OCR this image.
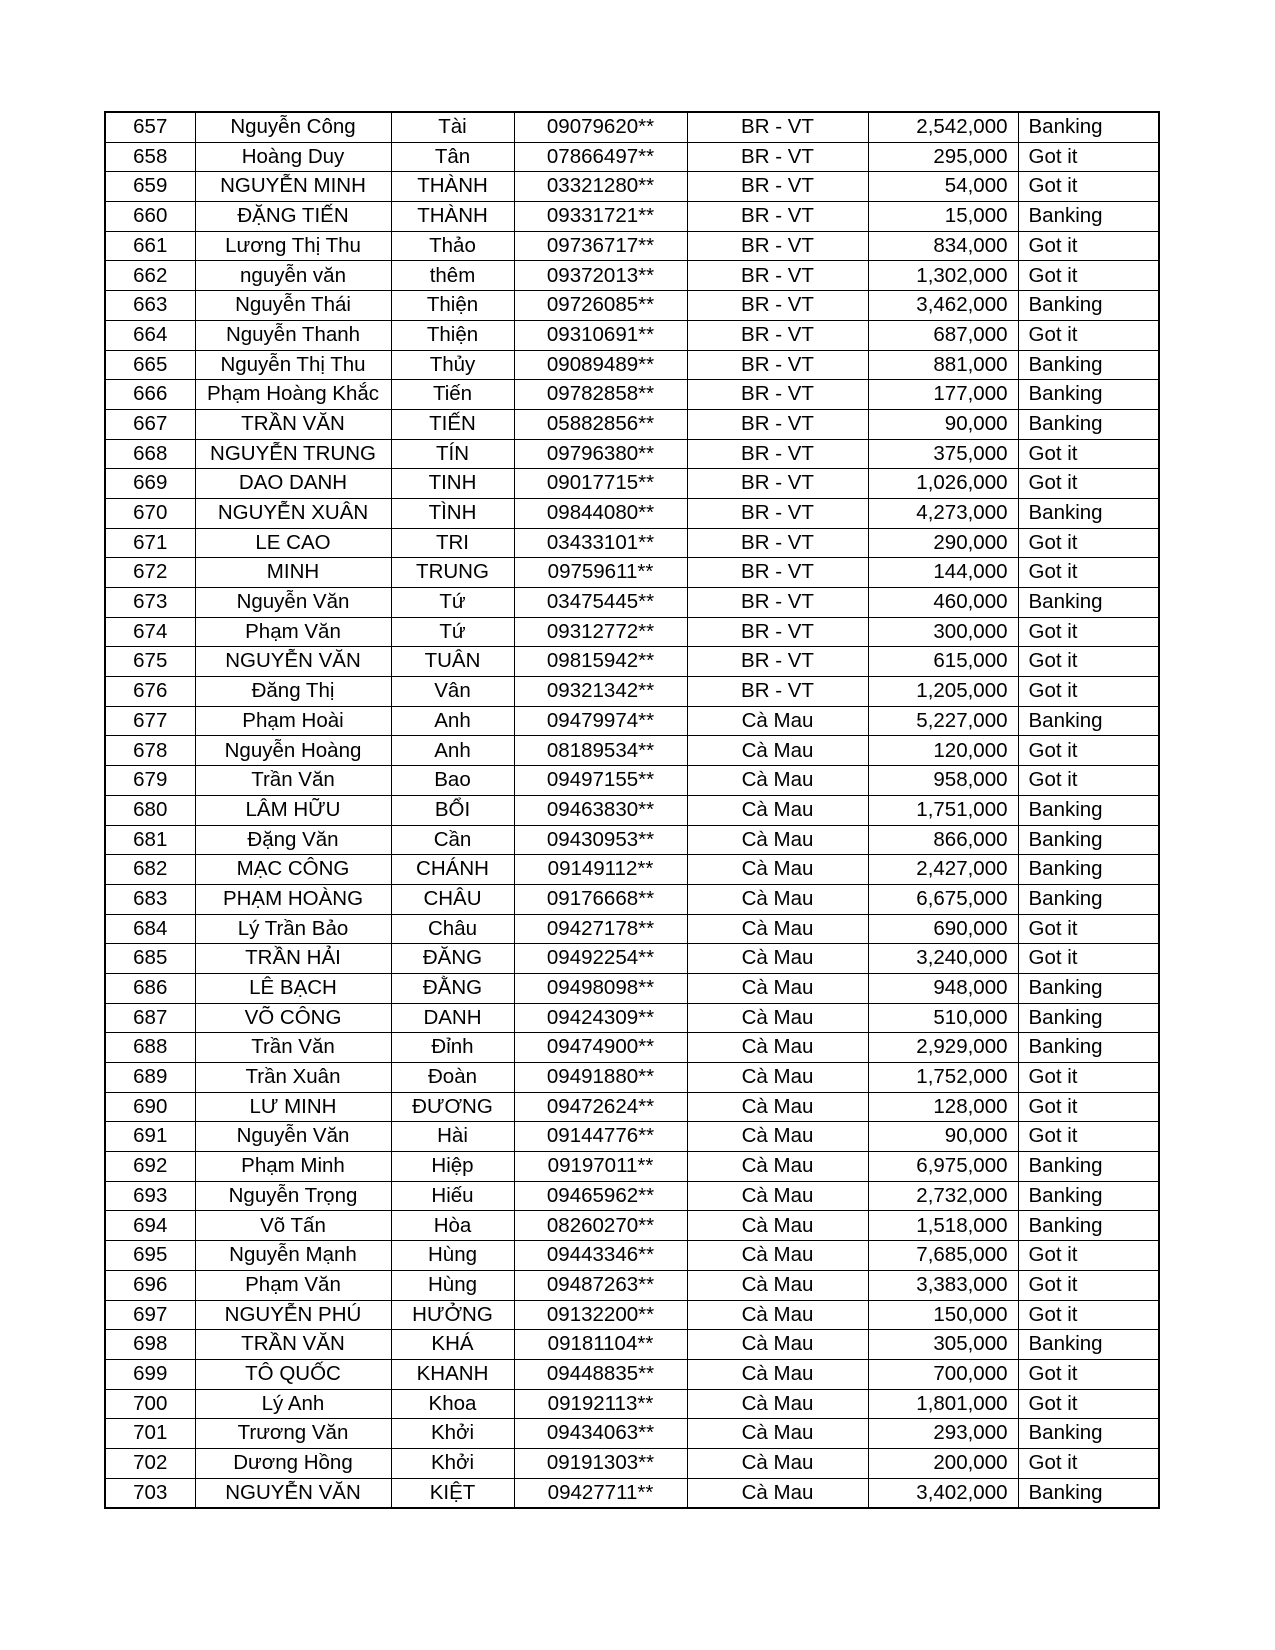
657	Nguyễn Công	Tài	09079620**	BR - VT	2,542,000	Banking
658	Hoàng Duy	Tân	07866497**	BR - VT	295,000	Got it
659	NGUYỄN MINH	THÀNH	03321280**	BR - VT	54,000	Got it
660	ĐẶNG TIẾN	THÀNH	09331721**	BR - VT	15,000	Banking
661	Lương Thị Thu	Thảo	09736717**	BR - VT	834,000	Got it
662	nguyễn văn	thêm	09372013**	BR - VT	1,302,000	Got it
663	Nguyễn Thái	Thiện	09726085**	BR - VT	3,462,000	Banking
664	Nguyễn Thanh	Thiện	09310691**	BR - VT	687,000	Got it
665	Nguyễn Thị Thu	Thủy	09089489**	BR - VT	881,000	Banking
666	Phạm Hoàng Khắc	Tiến	09782858**	BR - VT	177,000	Banking
667	TRẦN VĂN	TIẾN	05882856**	BR - VT	90,000	Banking
668	NGUYỄN TRUNG	TÍN	09796380**	BR - VT	375,000	Got it
669	DAO DANH	TINH	09017715**	BR - VT	1,026,000	Got it
670	NGUYỄN XUÂN	TÌNH	09844080**	BR - VT	4,273,000	Banking
671	LE CAO	TRI	03433101**	BR - VT	290,000	Got it
672	MINH	TRUNG	09759611**	BR - VT	144,000	Got it
673	Nguyễn Văn	Tứ	03475445**	BR - VT	460,000	Banking
674	Phạm Văn	Tứ	09312772**	BR - VT	300,000	Got it
675	NGUYỄN VĂN	TUÂN	09815942**	BR - VT	615,000	Got it
676	Đăng Thị	Vân	09321342**	BR - VT	1,205,000	Got it
677	Phạm Hoài	Anh	09479974**	Cà Mau	5,227,000	Banking
678	Nguyễn Hoàng	Anh	08189534**	Cà Mau	120,000	Got it
679	Trần Văn	Bao	09497155**	Cà Mau	958,000	Got it
680	LÂM HỮU	BỔI	09463830**	Cà Mau	1,751,000	Banking
681	Đặng Văn	Cần	09430953**	Cà Mau	866,000	Banking
682	MẠC CÔNG	CHÁNH	09149112**	Cà Mau	2,427,000	Banking
683	PHẠM HOÀNG	CHÂU	09176668**	Cà Mau	6,675,000	Banking
684	Lý Trần Bảo	Châu	09427178**	Cà Mau	690,000	Got it
685	TRẦN HẢI	ĐĂNG	09492254**	Cà Mau	3,240,000	Got it
686	LÊ BẠCH	ĐẰNG	09498098**	Cà Mau	948,000	Banking
687	VÕ CÔNG	DANH	09424309**	Cà Mau	510,000	Banking
688	Trần Văn	Đỉnh	09474900**	Cà Mau	2,929,000	Banking
689	Trần Xuân	Đoàn	09491880**	Cà Mau	1,752,000	Got it
690	LƯ MINH	ĐƯƠNG	09472624**	Cà Mau	128,000	Got it
691	Nguyễn Văn	Hài	09144776**	Cà Mau	90,000	Got it
692	Phạm Minh	Hiệp	09197011**	Cà Mau	6,975,000	Banking
693	Nguyễn Trọng	Hiếu	09465962**	Cà Mau	2,732,000	Banking
694	Võ Tấn	Hòa	08260270**	Cà Mau	1,518,000	Banking
695	Nguyễn Mạnh	Hùng	09443346**	Cà Mau	7,685,000	Got it
696	Phạm Văn	Hùng	09487263**	Cà Mau	3,383,000	Got it
697	NGUYỄN PHÚ	HƯỞNG	09132200**	Cà Mau	150,000	Got it
698	TRẦN VĂN	KHÁ	09181104**	Cà Mau	305,000	Banking
699	TÔ QUỐC	KHANH	09448835**	Cà Mau	700,000	Got it
700	Lý Anh	Khoa	09192113**	Cà Mau	1,801,000	Got it
701	Trương Văn	Khởi	09434063**	Cà Mau	293,000	Banking
702	Dương Hồng	Khởi	09191303**	Cà Mau	200,000	Got it
703	NGUYỄN VĂN	KIỆT	09427711**	Cà Mau	3,402,000	Banking
